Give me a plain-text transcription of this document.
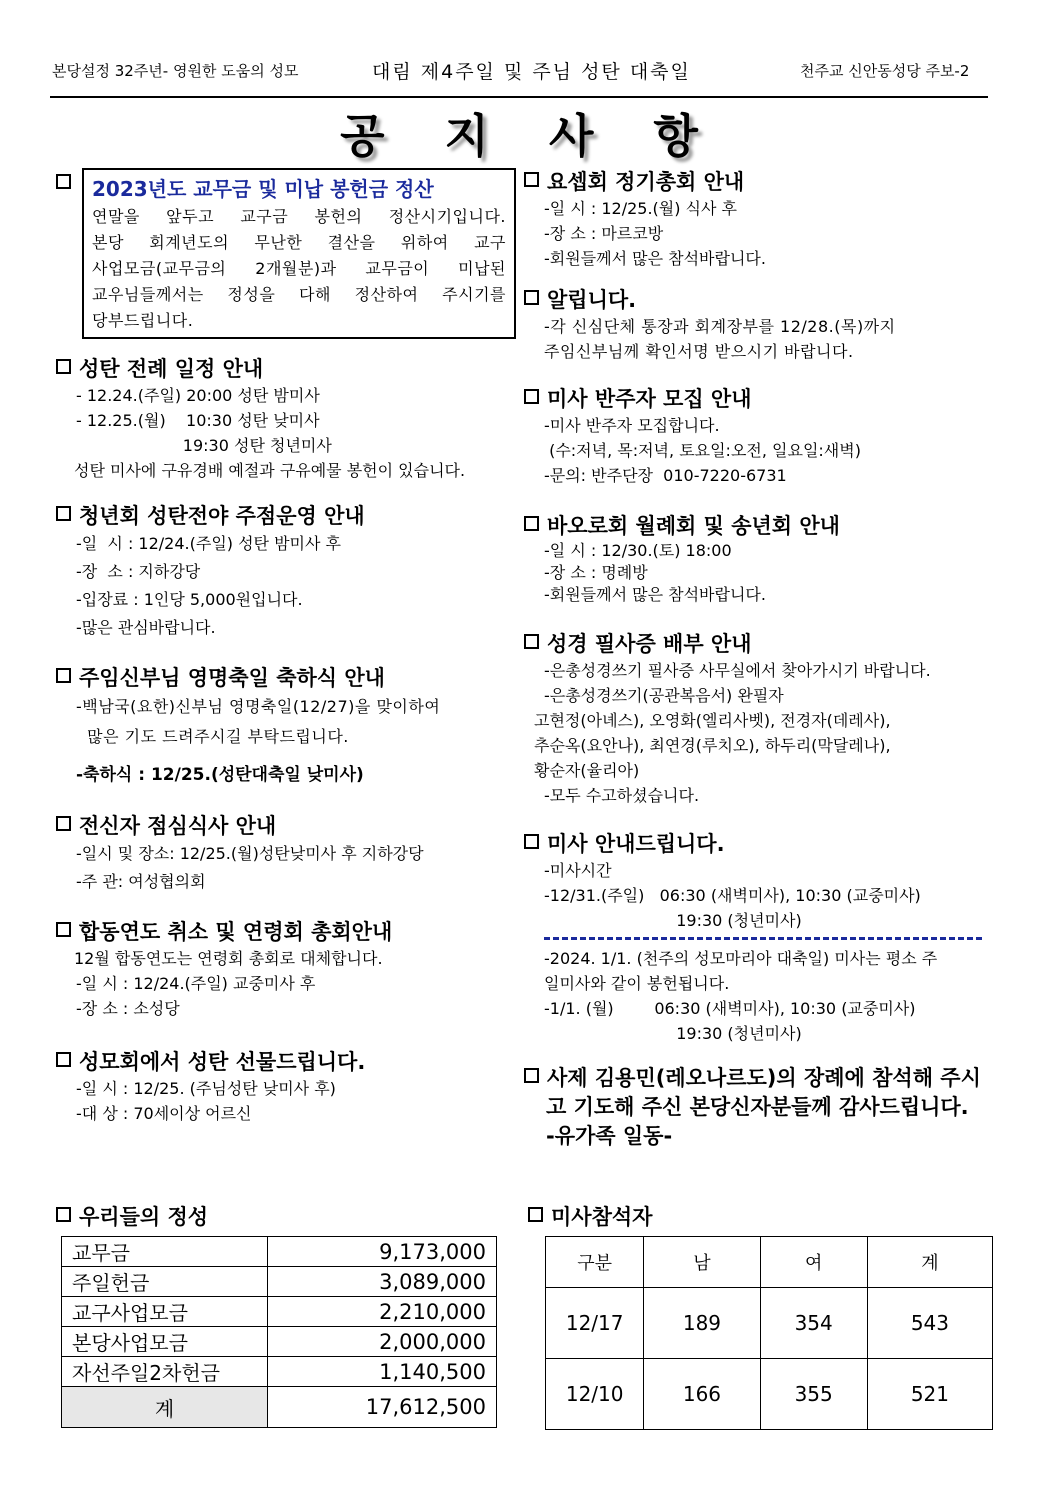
본당설정 32주년- 영원한 도움의 성모	대림 제4주일 및 주님 성탄 대축일	천주교 신안동성당 주보-2
공 지 사 항
2023년도 교무금 및 미납 봉헌금 정산
연말을 앞두고 교구금 봉헌의 정산시기입니다.
본당 회계년도의 무난한 결산을 위하여 교구
사업모금(교무금의 2개월분)과 교무금이 미납된
교우님들께서는 정성을 다해 정산하여 주시기를
당부드립니다.
성탄 전례 일정 안내
- 12.24.(주일) 20:00 성탄 밤미사
- 12.25.(월)    10:30 성탄 낮미사
19:30 성탄 청년미사
성탄 미사에 구유경배 예절과 구유예물 봉헌이 있습니다.
청년회 성탄전야 주점운영 안내
-일  시 : 12/24.(주일) 성탄 밤미사 후
-장  소 : 지하강당
-입장료 : 1인당 5,000원입니다.
-많은 관심바랍니다.
주임신부님 영명축일 축하식 안내
-백남국(요한)신부님 영명축일(12/27)을 맞이하여
많은 기도 드려주시길 부탁드립니다.
-축하식 : 12/25.(성탄대축일 낮미사)
전신자 점심식사 안내
-일시 및 장소: 12/25.(월)성탄낮미사 후 지하강당
-주 관: 여성협의회
합동연도 취소 및 연령회 총회안내
12월 합동연도는 연령회 총회로 대체합니다.
-일 시 : 12/24.(주일) 교중미사 후
-장 소 : 소성당
성모회에서 성탄 선물드립니다.
-일 시 : 12/25. (주님성탄 낮미사 후)
-대 상 : 70세이상 어르신
요셉회 정기총회 안내
-일 시 : 12/25.(월) 식사 후
-장 소 : 마르코방
-회원들께서 많은 참석바랍니다.
알립니다.
-각 신심단체 통장과 회계장부를 12/28.(목)까지
주임신부님께 확인서명 받으시기 바랍니다.
미사 반주자 모집 안내
-미사 반주자 모집합니다.
(수:저녁, 목:저녁, 토요일:오전, 일요일:새벽)
-문의: 반주단장  010-7220-6731
바오로회 월례회 및 송년회 안내
-일 시 : 12/30.(토) 18:00
-장 소 : 명례방
-회원들께서 많은 참석바랍니다.
성경 필사증 배부 안내
-은총성경쓰기 필사증 사무실에서 찾아가시기 바랍니다.
-은총성경쓰기(공관복음서) 완필자
고현정(아녜스), 오영화(엘리사벳), 전경자(데레사),
추순옥(요안나), 최연경(루치오), 하두리(막달레나),
황순자(율리아)
-모두 수고하셨습니다.
미사 안내드립니다.
-미사시간
-12/31.(주일)   06:30 (새벽미사), 10:30 (교중미사)
19:30 (청년미사)
-2024. 1/1. (천주의 성모마리아 대축일) 미사는 평소 주
일미사와 같이 봉헌됩니다.
-1/1. (월)        06:30 (새벽미사), 10:30 (교중미사)
19:30 (청년미사)
사제 김용민(레오나르도)의 장례에 참석해 주시
고 기도해 주신 본당신자분들께 감사드립니다.
-유가족 일동-
우리들의 정성
교무금	9,173,000
주일헌금	3,089,000
교구사업모금	2,210,000
본당사업모금	2,000,000
자선주일2차헌금	1,140,500
계	17,612,500
미사참석자
구분	남	여	계
12/17	189	354	543
12/10	166	355	521
